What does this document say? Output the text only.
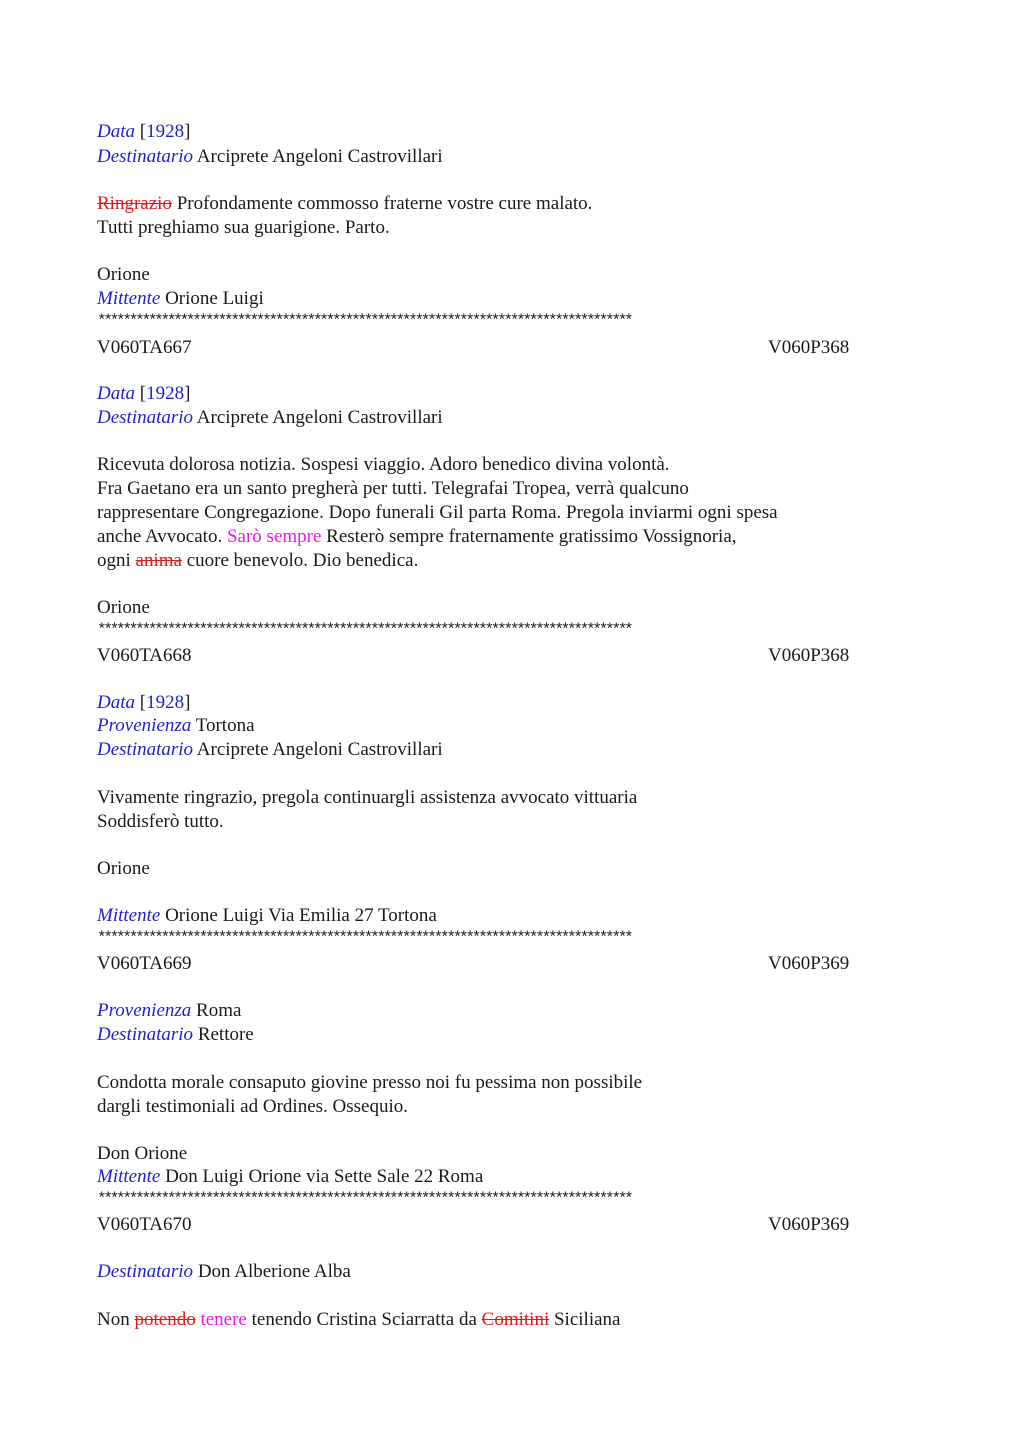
Data [1928]
Destinatario Arciprete Angeloni Castrovillari
Ringrazio Profondamente commosso fraterne vostre cure malato.
Tutti preghiamo sua guarigione. Parto.
Orione
Mittente Orione Luigi
************************************************************************************
V060TA667	V060P368
Data [1928]
Destinatario Arciprete Angeloni Castrovillari
Ricevuta dolorosa notizia. Sospesi viaggio. Adoro benedico divina volontà.
Fra Gaetano era un santo pregherà per tutti. Telegrafai Tropea, verrà qualcuno
rappresentare Congregazione. Dopo funerali Gil parta Roma. Pregola inviarmi ogni spesa
anche Avvocato. Sarò sempre Resterò sempre fraternamente gratissimo Vossignoria,
ogni anima cuore benevolo. Dio benedica.
Orione
************************************************************************************
V060TA668	V060P368
Data [1928]
Provenienza Tortona
Destinatario Arciprete Angeloni Castrovillari
Vivamente ringrazio, pregola continuargli assistenza avvocato vittuaria
Soddisferò tutto.
Orione
Mittente Orione Luigi Via Emilia 27 Tortona
************************************************************************************
V060TA669	V060P369
Provenienza Roma
Destinatario Rettore
Condotta morale consaputo giovine presso noi fu pessima non possibile
dargli testimoniali ad Ordines. Ossequio.
Don Orione
Mittente Don Luigi Orione via Sette Sale 22 Roma
************************************************************************************
V060TA670	V060P369
Destinatario Don Alberione Alba
Non potendo tenere tenendo Cristina Sciarratta da Comitini Siciliana
